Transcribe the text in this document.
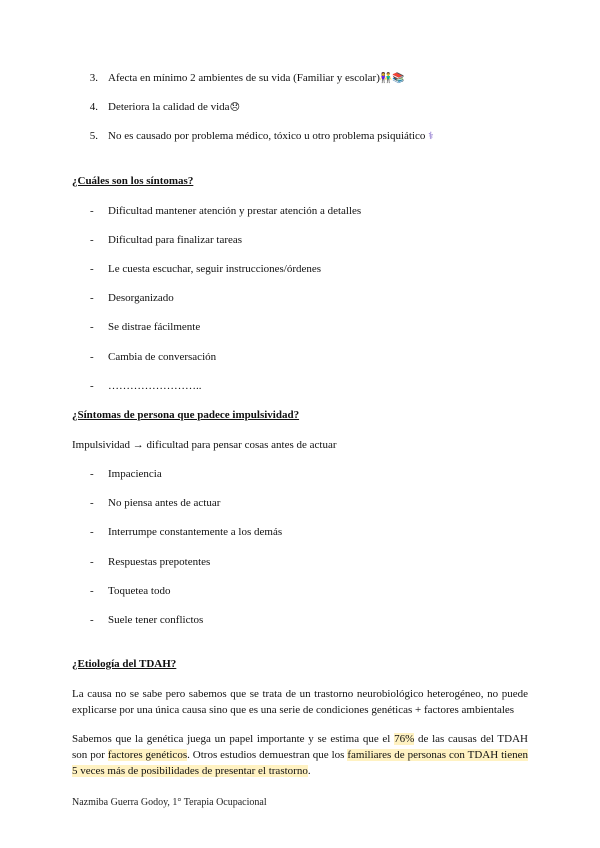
3. Afecta en mínimo 2 ambientes de su vida (Familiar y escolar)👫📚
4. Deteriora la calidad de vida😞
5. No es causado por problema médico, tóxico u otro problema psiquiático ⚕
¿Cuáles son los síntomas?
-	Dificultad mantener atención y prestar atención a detalles
-	Dificultad para finalizar tareas
-	Le cuesta escuchar, seguir instrucciones/órdenes
-	Desorganizado
-	Se distrae fácilmente
-	Cambia de conversación
-	……………………..
¿Síntomas de persona que padece impulsividad?
Impulsividad → dificultad para pensar cosas antes de actuar
-	Impaciencia
-	No piensa antes de actuar
-	Interrumpe constantemente a los demás
-	Respuestas prepotentes
-	Toquetea todo
-	Suele tener conflictos
¿Etiología del TDAH?
La causa no se sabe pero sabemos que se trata de un trastorno neurobiológico heterogéneo, no puede explicarse por una única causa sino que es una serie de condiciones genéticas + factores ambientales
Sabemos que la genética juega un papel importante y se estima que el 76% de las causas del TDAH son por factores genéticos. Otros estudios demuestran que los familiares de personas con TDAH tienen 5 veces más de posibilidades de presentar el trastorno.
Nazmiba Guerra Godoy, 1° Terapia Ocupacional
